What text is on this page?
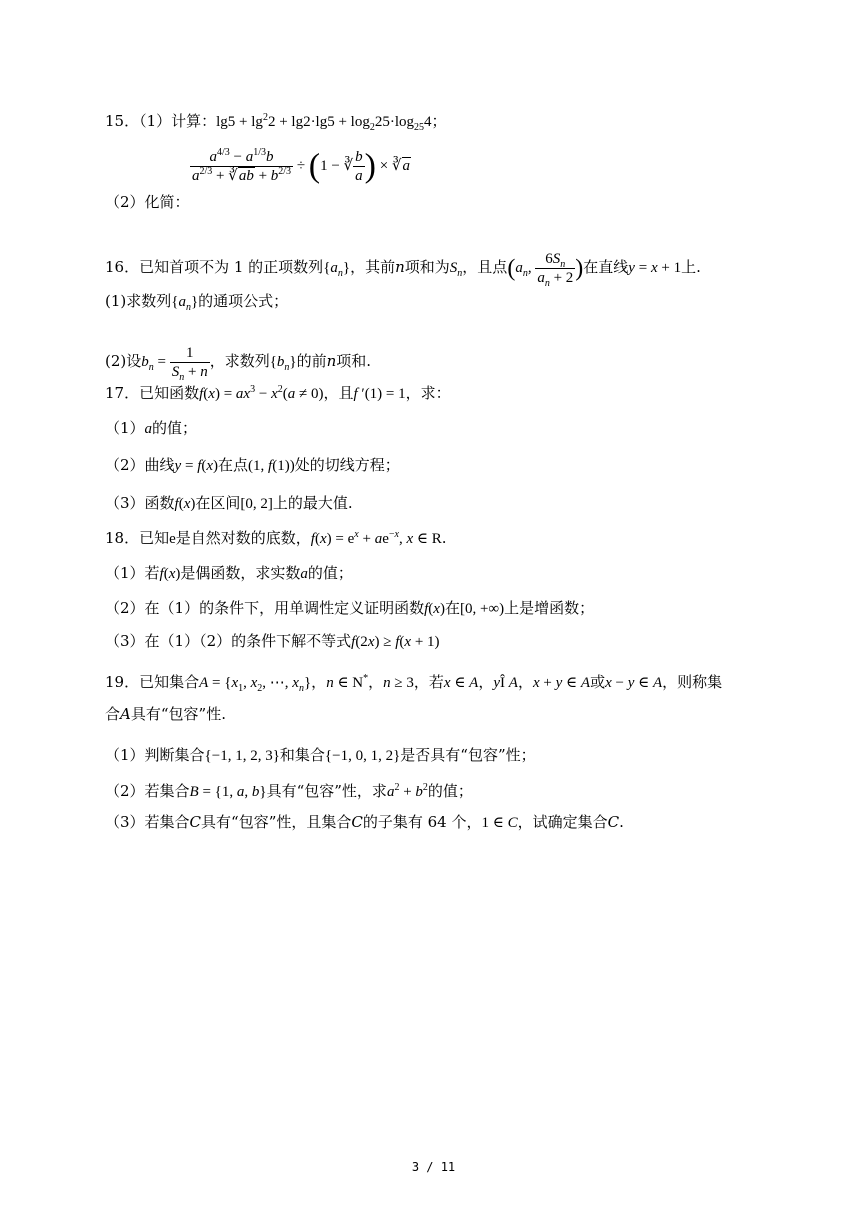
15．（1）计算：$\lg 5 + \lg^22 + \lg 2\cdot\lg 5 + \log_225\cdot\log_{25}4$；
（2）化简：
$\frac{a^{4/3} - a^{1/3}b}{a^{2/3} + ∛ab + b^{2/3}} \div (1$ − ∛ $\frac{b}{a}$ ) × ∛a
16．已知首项不为 1 的正项数列$\{a_n\}$，其前n项和为$S_n$，且点($a_n$, $\frac{6S_n}{a_n + 2}$ )在直线y = x + 1上.
(1)求数列$\{a_n\}$的通项公式；
(2)设$b_n = \frac{1}{S_n + n}$ ，求数列$\{b_n\}$的前n项和.
17．已知函数$f(x) = ax^3 - x^2(a \ne 0)$，且f ′(1) = 1，求：
（1）a的值；
（2）曲线y = f(x)在点(1, f(1))处的切线方程；
（3）函数f(x)在区间[0, 2]上的最大值.
18．已知e是自然对数的底数，$f(x) = e^x + ae^{-x}$, x ∈ R.
（1）若f(x)是偶函数，求实数a的值；
（2）在（1）的条件下，用单调性定义证明函数f(x)在[0, +∞)上是增函数；
（3）在（1）（2）的条件下解不等式f(2x) ≥ f(x + 1)
19．已知集合$A = \{x_1$, $x_2$, ⋯, $x_n$}，n ∈ N*，n ≥ 3，若x ∈ A，yÎ A，x + y ∈ A或x − y ∈ A，则称集
合A具有“包容”性.
（1）判断集合{−1, 1, 2, 3}和集合{−1, 0, 1, 2}是否具有“包容”性；
（2）若集合B = {1, a, b}具有“包容”性，求$a^2 + b^2$的值；
（3）若集合C具有“包容”性，且集合C的子集有 64 个，1 ∈ C，试确定集合C.
3 / 11
